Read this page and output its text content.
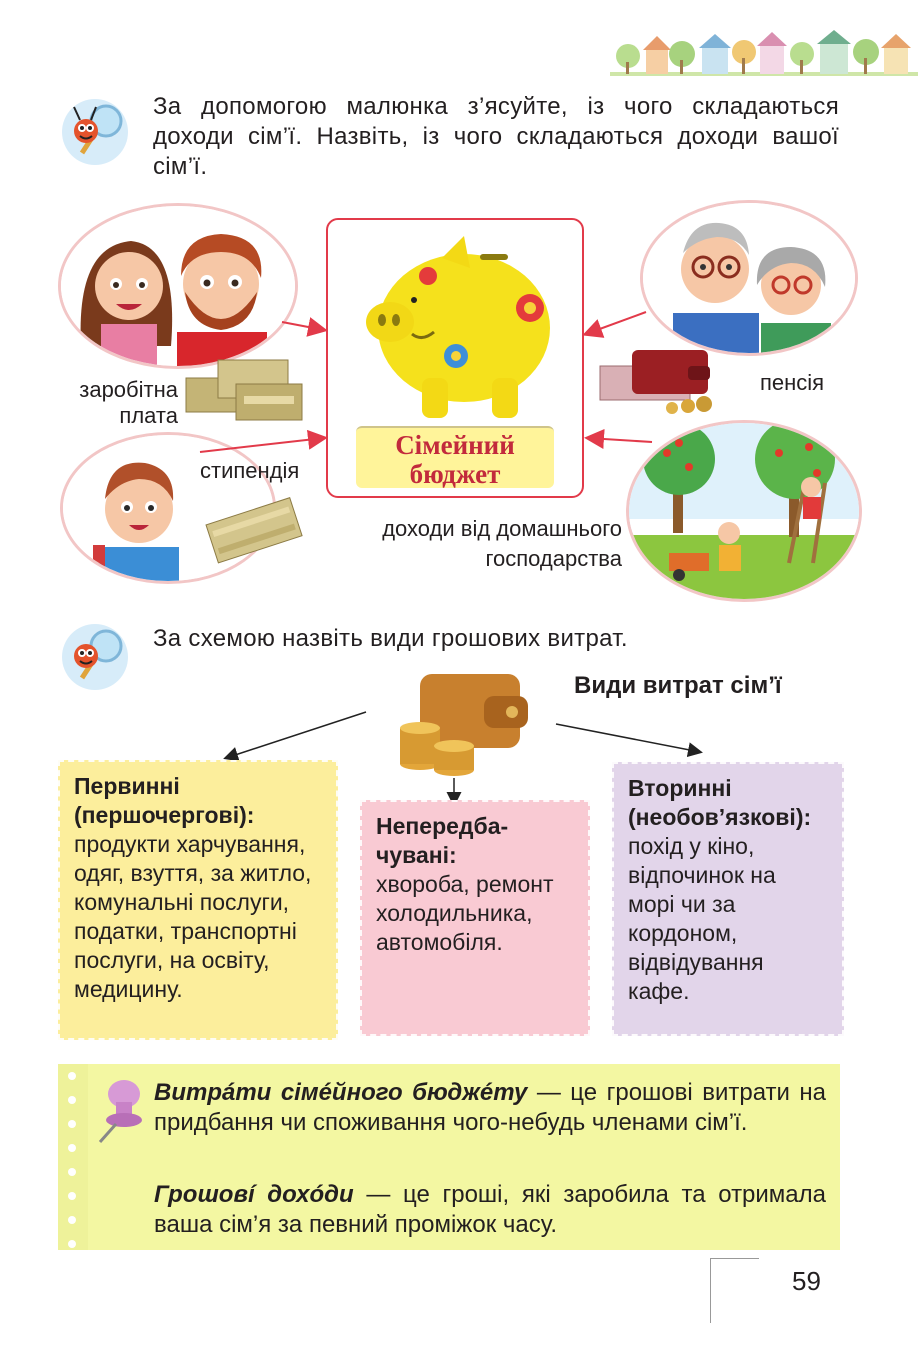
За допомогою малюнка з’ясуйте, із чого складаються доходи сім’ї. Назвіть, із чого складаються доходи вашої сім’ї.
заробітна
плата
стипендія
Сімейний
бюджет
пенсія
доходи від домашнього
господарства
За схемою назвіть види грошових витрат.
Види витрат сім’ї
Первинні (першочергові):
продукти харчування, одяг, взуття, за житло, комунальні послуги, податки, транспортні послуги, на освіту, медицину.
Непередба- чувані:
хвороба, ремонт холодильника, автомобіля.
Вторинні (необов’язкові):
похід у кіно, відпочинок на морі чи за кордоном, відвідування кафе.
Витрáти сімéйного бюджéту — це грошові витрати на придбання чи споживання чого-небудь членами сім’ї.
Грошoвí дохóди — це гроші, які заробила та отримала ваша сім’я за певний проміжок часу.
59
